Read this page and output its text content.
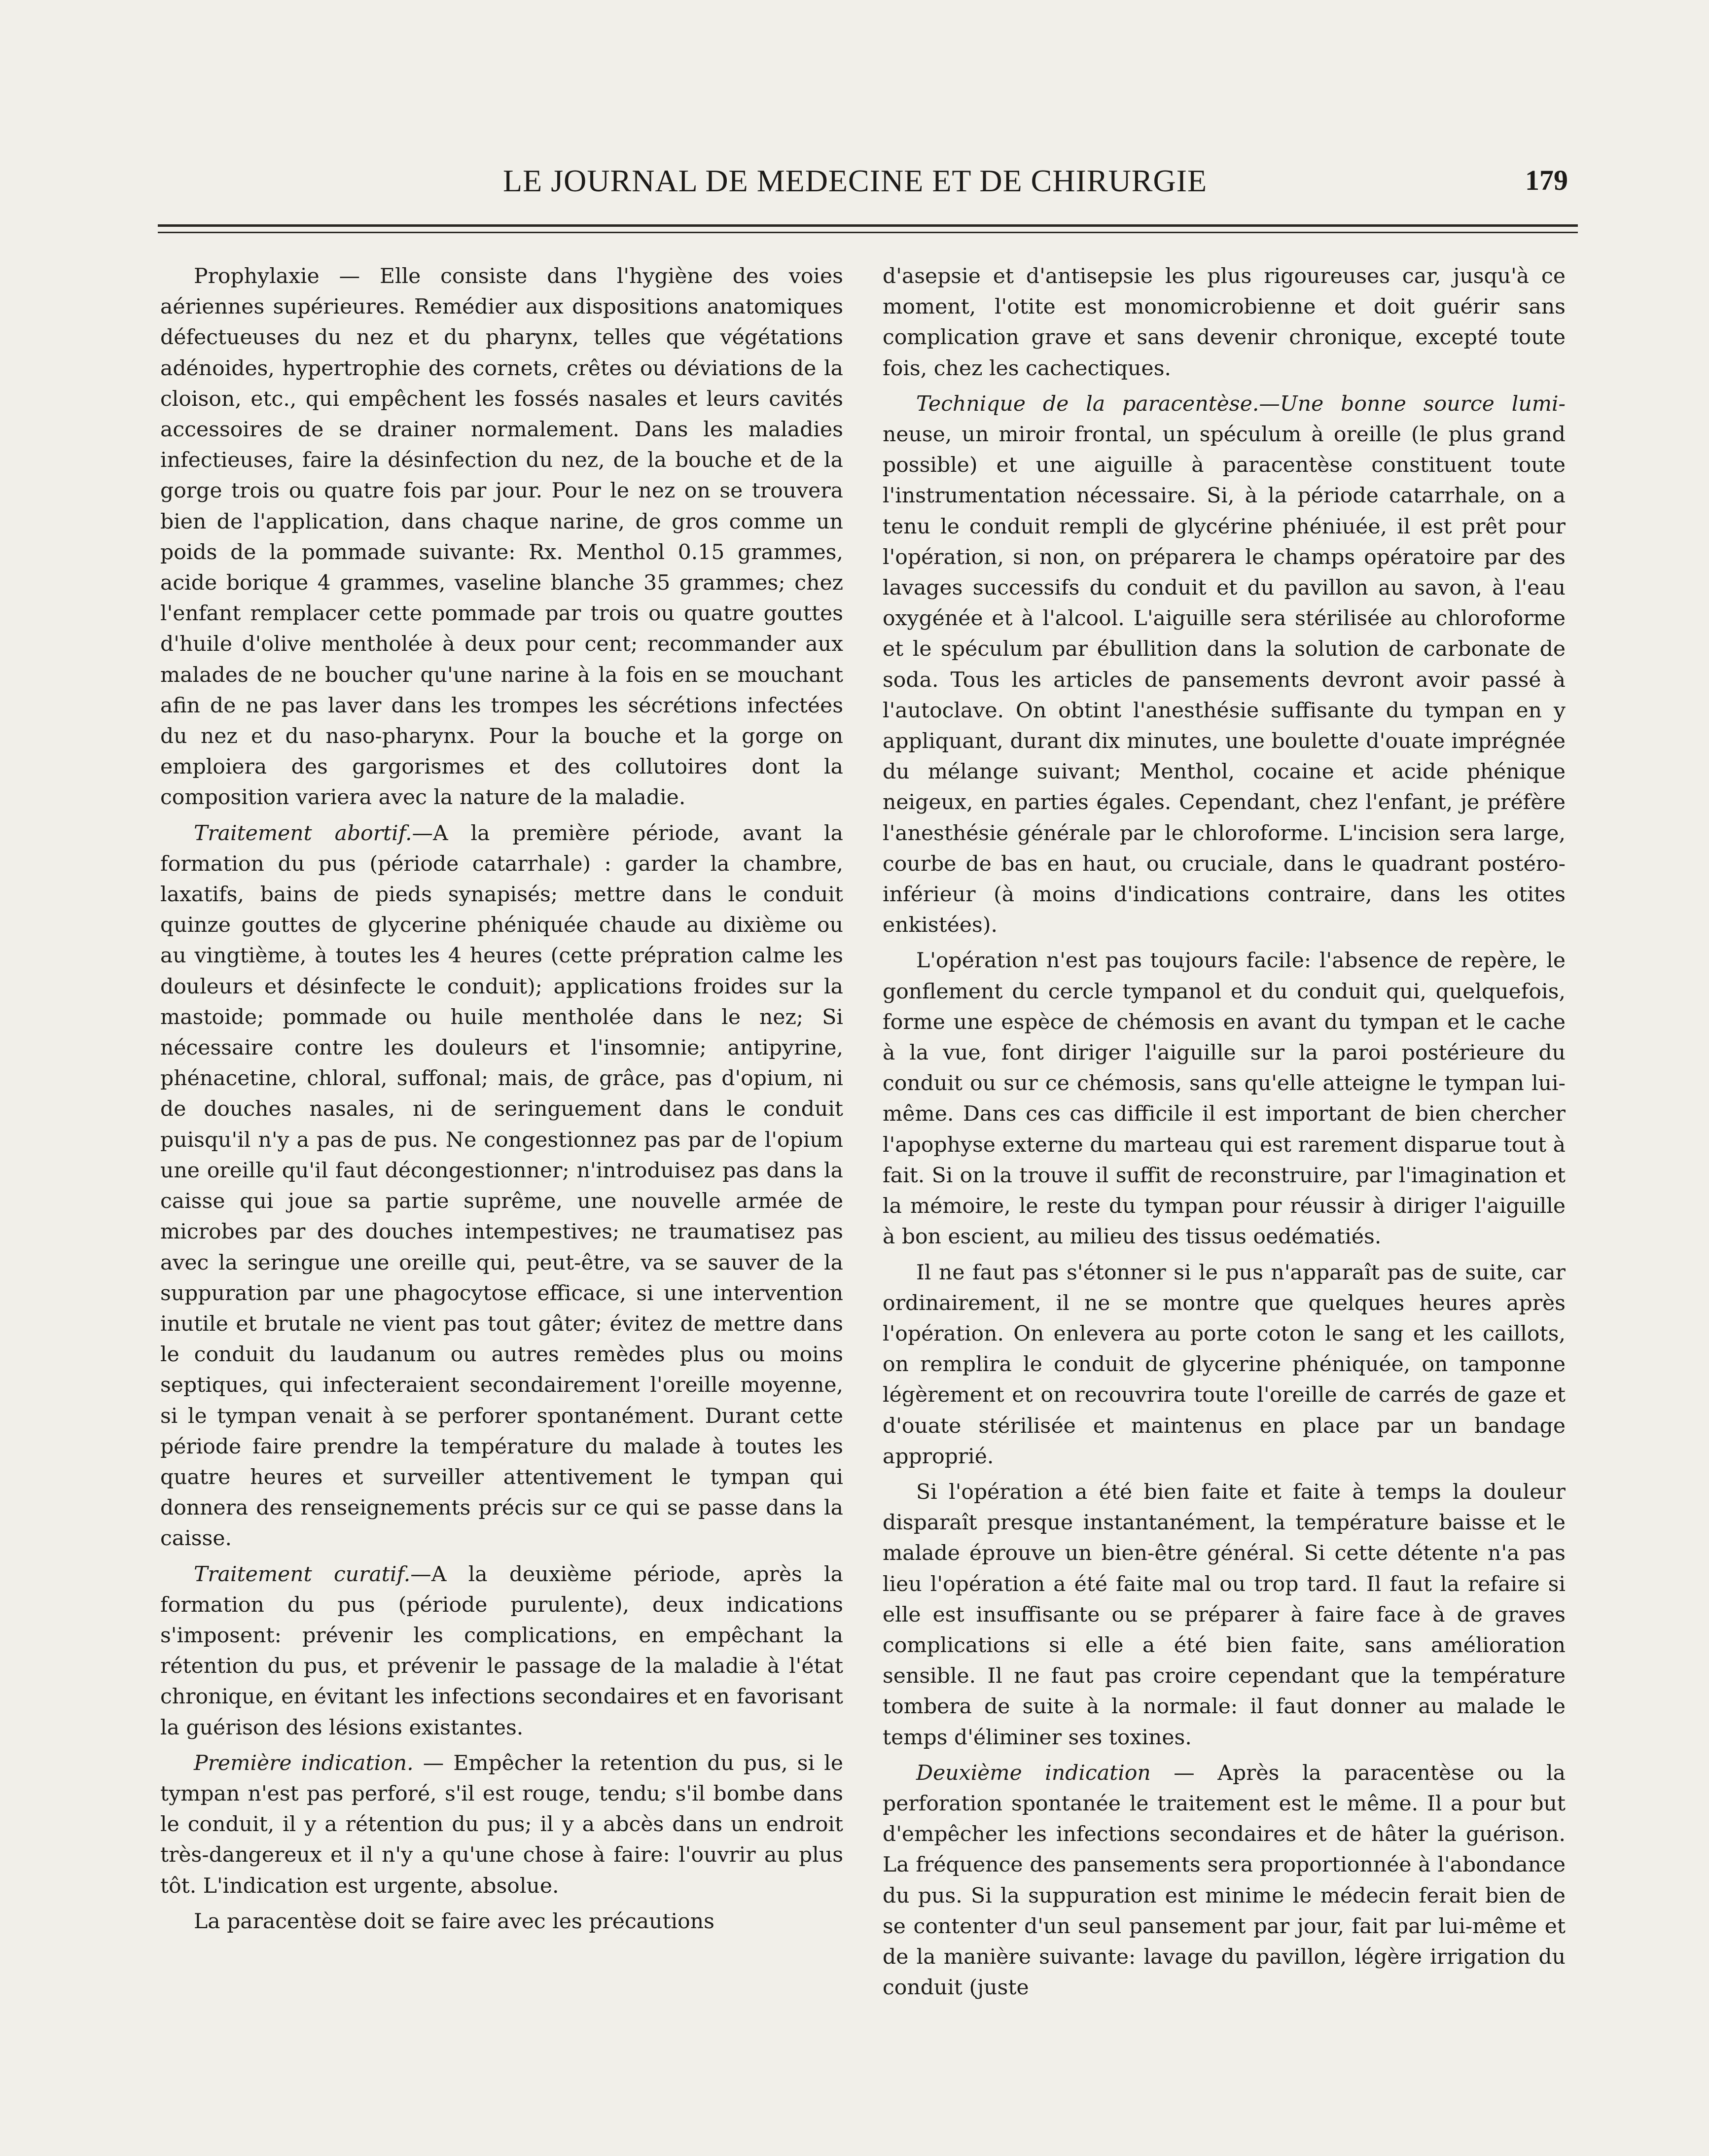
LE JOURNAL DE MEDECINE ET DE CHIRURGIE	179

Prophylaxie — Elle consiste dans l'hygiène des voies aériennes supérieures. Remédier aux dispositions anatomiques défectueuses du nez et du pharynx, telles que végétations adénoides, hypertrophie des cornets, crêtes ou déviations de la cloison, etc., qui empêchent les fossés nasales et leurs cavités accessoires de se drainer normalement. Dans les maladies infectieuses, faire la désinfection du nez, de la bouche et de la gorge trois ou quatre fois par jour. Pour le nez on se trouvera bien de l'application, dans chaque narine, de gros comme un poids de la pommade suivante: Rx. Menthol 0.15 grammes, acide borique 4 grammes, vaseline blanche 35 grammes; chez l'enfant remplacer cette pommade par trois ou quatre gouttes d'huile d'olive mentholée à deux pour cent; recommander aux malades de ne boucher qu'une narine à la fois en se mouchant afin de ne pas laver dans les trompes les sécrétions infectées du nez et du naso-pharynx. Pour la bouche et la gorge on emploiera des gargorismes et des collutoires dont la composition variera avec la nature de la maladie.

Traitement abortif.—A la première période, avant la formation du pus (période catarrhale) : garder la chambre, laxatifs, bains de pieds synapisés; mettre dans le conduit quinze gouttes de glycerine phéniquée chaude au dixième ou au vingtième, à toutes les 4 heures (cette prépration calme les douleurs et désinfecte le conduit); applications froides sur la mastoide; pommade ou huile mentholée dans le nez; Si nécessaire contre les douleurs et l'insomnie; antipyrine, phénacetine, chloral, suffonal; mais, de grâce, pas d'opium, ni de douches nasales, ni de seringuement dans le conduit puisqu'il n'y a pas de pus. Ne congestionnez pas par de l'opium une oreille qu'il faut décongestionner; n'introduisez pas dans la caisse qui joue sa partie suprême, une nouvelle armée de microbes par des douches intempestives; ne traumatisez pas avec la seringue une oreille qui, peut-être, va se sauver de la suppuration par une phagocytose efficace, si une intervention inutile et brutale ne vient pas tout gâter; évitez de mettre dans le conduit du laudanum ou autres remèdes plus ou moins septiques, qui infecteraient secondairement l'oreille moyenne, si le tympan venait à se perforer spontanément. Durant cette période faire prendre la température du malade à toutes les quatre heures et surveiller attentivement le tympan qui donnera des renseignements précis sur ce qui se passe dans la caisse.

Traitement curatif.—A la deuxième période, après la formation du pus (période purulente), deux indications s'imposent: prévenir les complications, en empêchant la rétention du pus, et prévenir le passage de la maladie à l'état chronique, en évitant les infections secondaires et en favorisant la guérison des lésions existantes.

Première indication. — Empêcher la retention du pus, si le tympan n'est pas perforé, s'il est rouge, tendu; s'il bombe dans le conduit, il y a rétention du pus; il y a abcès dans un endroit très-dangereux et il n'y a qu'une chose à faire: l'ouvrir au plus tôt. L'indication est urgente, absolue.

La paracentèse doit se faire avec les précautions

d'asepsie et d'antisepsie les plus rigoureuses car, jusqu'à ce moment, l'otite est monomicrobienne et doit guérir sans complication grave et sans devenir chronique, excepté toute fois, chez les cachectiques.

Technique de la paracentèse.—Une bonne source lumi- neuse, un miroir frontal, un spéculum à oreille (le plus grand possible) et une aiguille à paracentèse constituent toute l'instrumentation nécessaire. Si, à la période catarrhale, on a tenu le conduit rempli de glycérine phéniuée, il est prêt pour l'opération, si non, on préparera le champs opératoire par des lavages successifs du conduit et du pavillon au savon, à l'eau oxygénée et à l'alcool. L'aiguille sera stérilisée au chloroforme et le spéculum par ébullition dans la solution de carbonate de soda. Tous les articles de pansements devront avoir passé à l'autoclave. On obtint l'anesthésie suffisante du tympan en y appliquant, durant dix minutes, une boulette d'ouate imprégnée du mélange suivant; Menthol, cocaine et acide phénique neigeux, en parties égales. Cependant, chez l'enfant, je préfère l'anesthésie générale par le chloroforme. L'incision sera large, courbe de bas en haut, ou cruciale, dans le quadrant postéro-inférieur (à moins d'indications contraire, dans les otites enkistées).

L'opération n'est pas toujours facile: l'absence de repère, le gonflement du cercle tympanol et du conduit qui, quelquefois, forme une espèce de chémosis en avant du tympan et le cache à la vue, font diriger l'aiguille sur la paroi postérieure du conduit ou sur ce chémosis, sans qu'elle atteigne le tympan lui-même. Dans ces cas difficile il est important de bien chercher l'apophyse externe du marteau qui est rarement disparue tout à fait. Si on la trouve il suffit de reconstruire, par l'imagination et la mémoire, le reste du tympan pour réussir à diriger l'aiguille à bon escient, au milieu des tissus oedématiés.

Il ne faut pas s'étonner si le pus n'apparaît pas de suite, car ordinairement, il ne se montre que quelques heures après l'opération. On enlevera au porte coton le sang et les caillots, on remplira le conduit de glycerine phéniquée, on tamponne légèrement et on recouvrira toute l'oreille de carrés de gaze et d'ouate stérilisée et maintenus en place par un bandage approprié.

Si l'opération a été bien faite et faite à temps la douleur disparaît presque instantanément, la température baisse et le malade éprouve un bien-être général. Si cette détente n'a pas lieu l'opération a été faite mal ou trop tard. Il faut la refaire si elle est insuffisante ou se préparer à faire face à de graves complications si elle a été bien faite, sans amélioration sensible. Il ne faut pas croire cependant que la température tombera de suite à la normale: il faut donner au malade le temps d'éliminer ses toxines.

Deuxième indication — Après la paracentèse ou la perforation spontanée le traitement est le même. Il a pour but d'empêcher les infections secondaires et de hâter la guérison. La fréquence des pansements sera proportionnée à l'abondance du pus. Si la suppuration est minime le médecin ferait bien de se contenter d'un seul pansement par jour, fait par lui-même et de la manière suivante: lavage du pavillon, légère irrigation du conduit (juste
